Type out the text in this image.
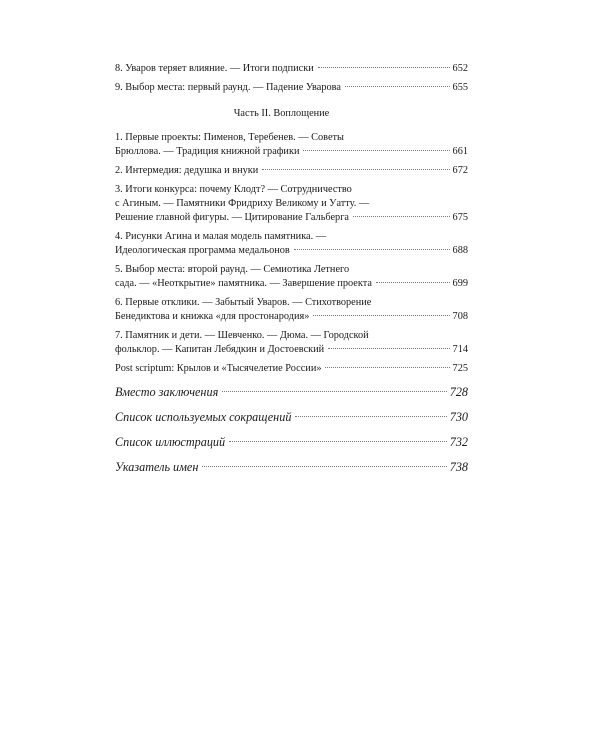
8. Уваров теряет влияние. — Итоги подписки	652
9. Выбор места: первый раунд. — Падение Уварова	655
Часть II. Воплощение
1. Первые проекты: Пименов, Теребенев. — Советы
Брюллова. — Традиция книжной графики	661
2. Интермедия: дедушка и внуки	672
3. Итоги конкурса: почему Клодт? — Сотрудничество
с Агиным. — Памятники Фридриху Великому и Уатту. —
Решение главной фигуры. — Цитирование Гальберга	675
4. Рисунки Агина и малая модель памятника. —
Идеологическая программа медальонов	688
5. Выбор места: второй раунд. — Семиотика Летнего
сада. — «Неоткрытие» памятника. — Завершение проекта	699
6. Первые отклики. — Забытый Уваров. — Стихотворение
Бенедиктова и книжка «для простонародия»	708
7. Памятник и дети. — Шевченко. — Дюма. — Городской
фольклор. — Капитан Лебядкин и Достоевский	714
Post scriptum: Крылов и «Тысячелетие России»	725
Вместо заключения	728
Список используемых сокращений	730
Список иллюстраций	732
Указатель имен	738
